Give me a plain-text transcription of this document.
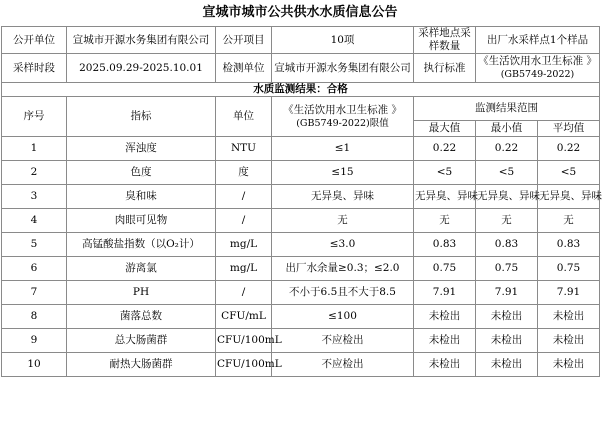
宣城市城市公共供水水质信息公告
公开单位	宣城市开源水务集团有限公司	公开项目	10项	采样地点采样数量	出厂水采样点1个样品	
采样时段	2025.09.29-2025.10.01	检测单位	宣城市开源水务集团有限公司	执行标准	《生活饮用水卫生标准 》
(GB5749-2022)	

水质监测结果：合格						
序号	指标	单位	《生活饮用水卫生标准 》
(GB5749-2022)限值	监测结果范围		
				最大值	最小值	平均值
1	浑浊度	NTU	≤1	0.22	0.22	0.22
2	色度	度	≤15	<5	<5	<5
3	臭和味	/	无异臭、异味	无异臭、异味	无异臭、异味	无异臭、异味
4	肉眼可见物	/	无	无	无	无
5	高锰酸盐指数（以O₂计）	mg/L	≤3.0	0.83	0.83	0.83
6	游离氯	mg/L	出厂水余量≥0.3；≤2.0	0.75	0.75	0.75
7	PH	/	不小于6.5且不大于8.5	7.91	7.91	7.91
8	菌落总数	CFU/mL	≤100	未检出	未检出	未检出
9	总大肠菌群	CFU/100mL	不应检出	未检出	未检出	未检出
10	耐热大肠菌群	CFU/100mL	不应检出	未检出	未检出	未检出
